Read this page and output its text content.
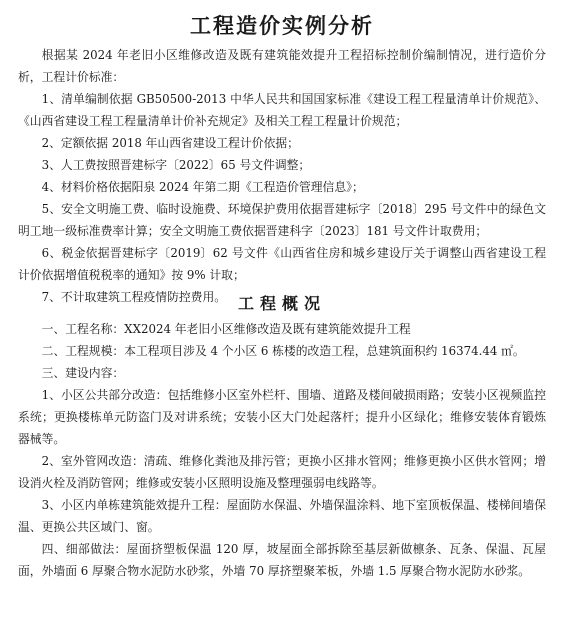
工程造价实例分析

根据某 2024 年老旧小区维修改造及既有建筑能效提升工程招标控制价编制情况，进行造价分析，工程计价标准：

1、清单编制依据 GB50500-2013 中华人民共和国国家标准《建设工程工程量清单计价规范》、《山西省建设工程工程量清单计价补充规定》及相关工程工程量计价规范；

2、定额依据 2018 年山西省建设工程计价依据；

3、人工费按照晋建标字〔2022〕65 号文件调整；

4、材料价格依据阳泉 2024 年第二期《工程造价管理信息》；

5、安全文明施工费、临时设施费、环境保护费用依据晋建标字〔2018〕295 号文件中的绿色文明工地一级标准费率计算；安全文明施工费依据晋建科字〔2023〕181 号文件计取费用；

6、税金依据晋建标字〔2019〕62 号文件《山西省住房和城乡建设厅关于调整山西省建设工程计价依据增值税税率的通知》按 9% 计取；

7、不计取建筑工程疫情防控费用。 工程概况

一、工程名称：XX2024 年老旧小区维修改造及既有建筑能效提升工程

二、工程规模：本工程项目涉及 4 个小区 6 栋楼的改造工程，总建筑面积约 16374.44 ㎡。

三、建设内容：

1、小区公共部分改造：包括维修小区室外栏杆、围墙、道路及楼间破损雨路；安装小区视频监控系统；更换楼栋单元防盗门及对讲系统；安装小区大门处起落杆；提升小区绿化；维修安装体育锻炼器械等。

2、室外管网改造：清疏、维修化粪池及排污管；更换小区排水管网；维修更换小区供水管网；增设消火栓及消防管网；维修或安装小区照明设施及整理强弱电线路等。

3、小区内单栋建筑能效提升工程：屋面防水保温、外墙保温涂料、地下室顶板保温、楼梯间墙保温、更换公共区域门、窗。

四、细部做法：屋面挤塑板保温 120 厚，坡屋面全部拆除至基层新做檩条、瓦条、保温、瓦屋面，外墙面 6 厚聚合物水泥防水砂浆，外墙 70 厚挤塑聚苯板，外墙 1.5 厚聚合物水泥防水砂浆。
